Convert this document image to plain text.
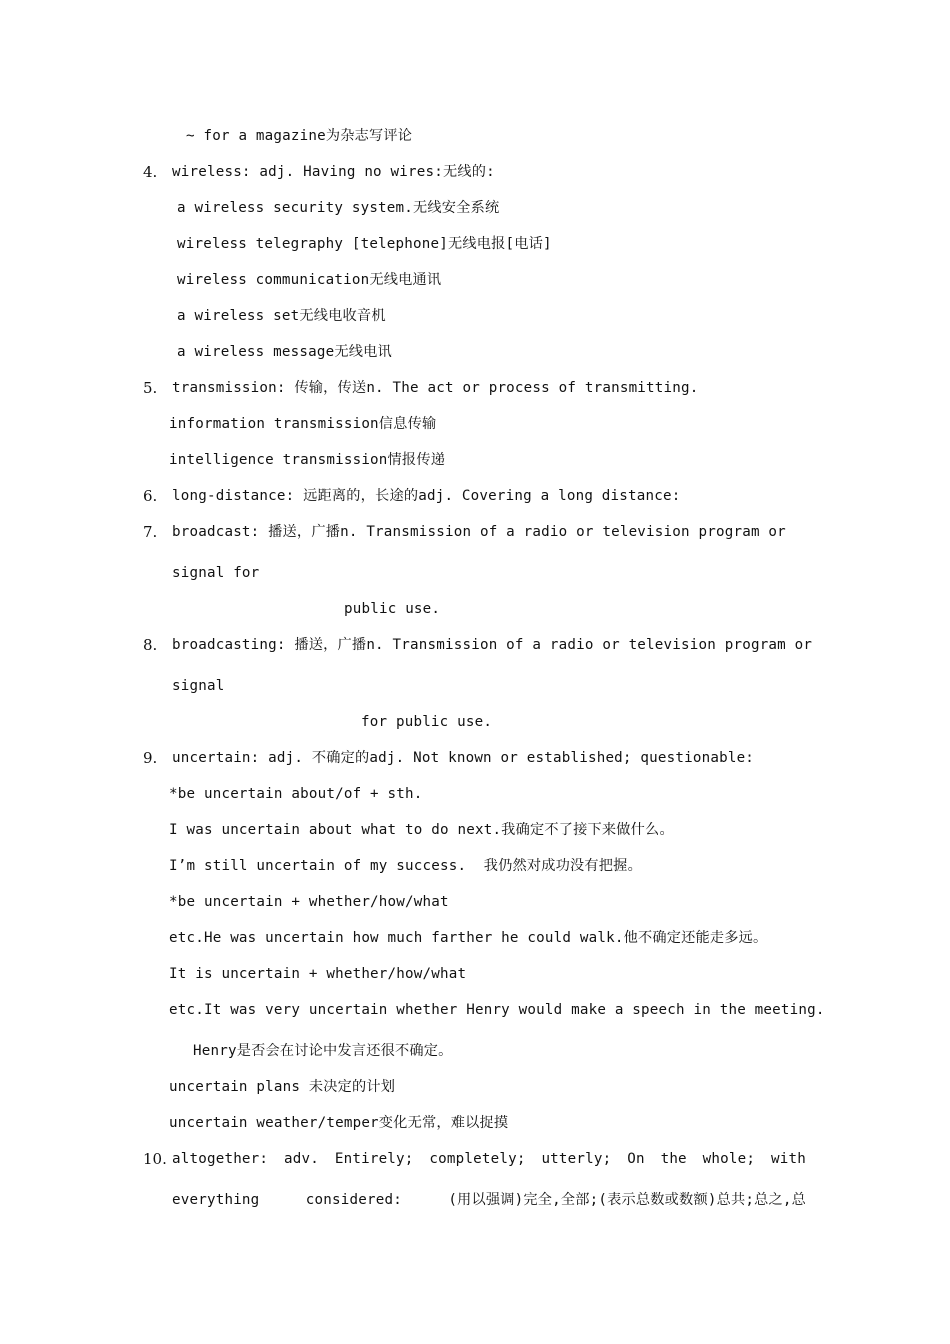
~ for a magazine为杂志写评论
4. wireless: adj. Having no wires:无线的:
a wireless security system.无线安全系统
wireless telegraphy [telephone]无线电报[电话]
wireless communication无线电通讯
a wireless set无线电收音机
a wireless message无线电讯
5. transmission: 传输，传送n. The act or process of transmitting.
information transmission信息传输
intelligence transmission情报传递
6. long-distance: 远距离的，长途的adj. Covering a long distance:
7. broadcast: 播送，广播n. Transmission of a radio or television program or
signal for
public use.
8. broadcasting: 播送，广播n. Transmission of a radio or television program or
signal
for public use.
9. uncertain: adj. 不确定的adj. Not known or established; questionable:
*be uncertain about/of + sth.
I was uncertain about what to do next.我确定不了接下来做什么。
I’m still uncertain of my success.  我仍然对成功没有把握。
*be uncertain + whether/how/what
etc.He was uncertain how much farther he could walk.他不确定还能走多远。
It is uncertain + whether/how/what
etc.It was very uncertain whether Henry would make a speech in the meeting.
Henry是否会在讨论中发言还很不确定。
uncertain plans 未决定的计划
uncertain weather/temper变化无常，难以捉摸
10. altogether: adv. Entirely; completely; utterly; On the whole; with
everything	considered:	(用以强调)完全,全部;(表示总数或数额)总共;总之,总
